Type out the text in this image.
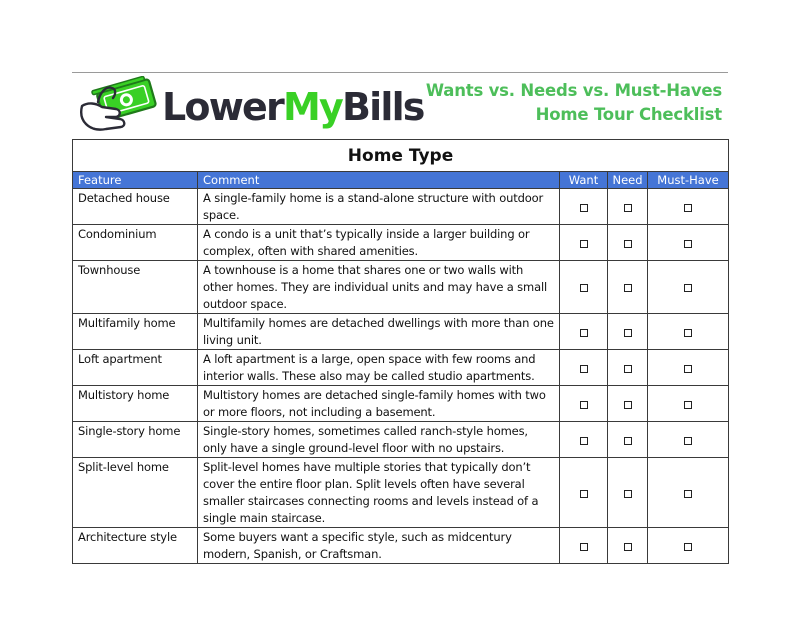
LowerMyBills Wants vs. Needs vs. Must-Haves
Home Tour Checklist
Home Type				
Feature	Comment	Want	Need	Must-Have
Detached house	A single-family home is a stand-alone structure with outdoor space.			
Condominium	A condo is a unit that’s typically inside a larger building or complex, often with shared amenities.			
Townhouse	A townhouse is a home that shares one or two walls with other homes. They are individual units and may have a small outdoor space.			
Multifamily home	Multifamily homes are detached dwellings with more than one living unit.			
Loft apartment	A loft apartment is a large, open space with few rooms and interior walls. These also may be called studio apartments.			
Multistory home	Multistory homes are detached single-family homes with two or more floors, not including a basement.			
Single-story home	Single-story homes, sometimes called ranch-style homes, only have a single ground-level floor with no upstairs.			
Split-level home	Split-level homes have multiple stories that typically don’t cover the entire floor plan. Split levels often have several smaller staircases connecting rooms and levels instead of a single main staircase.			
Architecture style	Some buyers want a specific style, such as midcentury modern, Spanish, or Craftsman.			
